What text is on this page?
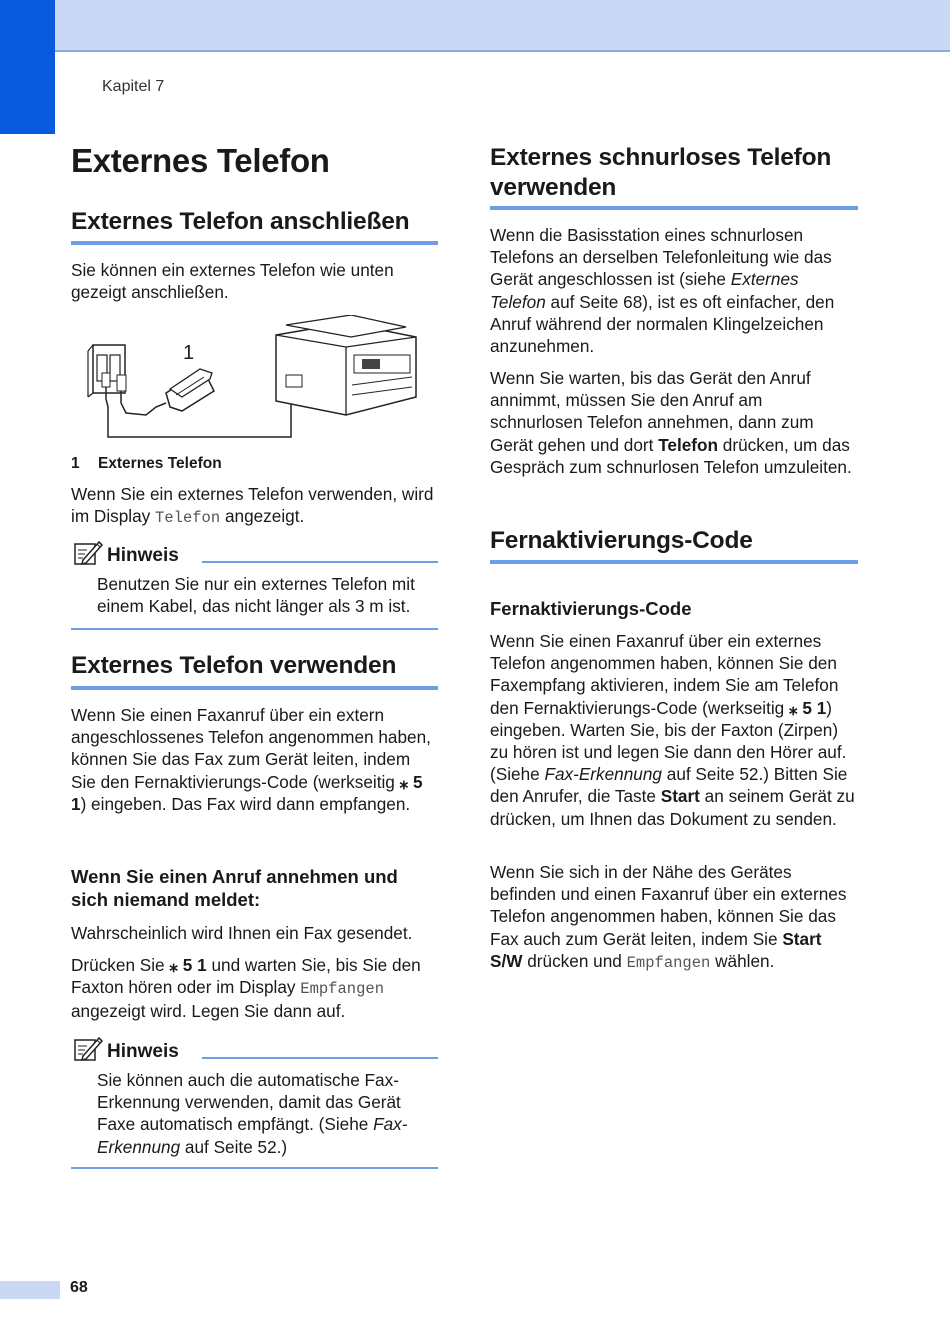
Kapitel 7
Externes Telefon
Externes Telefon anschließen

Sie können ein externes Telefon wie unten gezeigt anschließen.

1
1 Externes Telefon

Wenn Sie ein externes Telefon verwenden, wird im Display Telefon angezeigt.

Hinweis

Benutzen Sie nur ein externes Telefon mit einem Kabel, das nicht länger als 3 m ist.

Externes Telefon verwenden

Wenn Sie einen Faxanruf über ein extern angeschlossenes Telefon angenommen haben, können Sie das Fax zum Gerät leiten, indem Sie den Fernaktivierungs-Code (werkseitig ⁎ 5 1) eingeben. Das Fax wird dann empfangen.

Wenn Sie einen Anruf annehmen und sich niemand meldet:

Wahrscheinlich wird Ihnen ein Fax gesendet.

Drücken Sie ⁎ 5 1 und warten Sie, bis Sie den Faxton hören oder im Display Empfangen angezeigt wird. Legen Sie dann auf.

Hinweis

Sie können auch die automatische Fax-Erkennung verwenden, damit das Gerät Faxe automatisch empfängt. (Siehe Fax-Erkennung auf Seite 52.)

Externes schnurloses Telefon verwenden

Wenn die Basisstation eines schnurlosen Telefons an derselben Telefonleitung wie das Gerät angeschlossen ist (siehe Externes Telefon auf Seite 68), ist es oft einfacher, den Anruf während der normalen Klingelzeichen anzunehmen.

Wenn Sie warten, bis das Gerät den Anruf annimmt, müssen Sie den Anruf am schnurlosen Telefon annehmen, dann zum Gerät gehen und dort Telefon drücken, um das Gespräch zum schnurlosen Telefon umzuleiten.

Fernaktivierungs-Code
Fernaktivierungs-Code

Wenn Sie einen Faxanruf über ein externes Telefon angenommen haben, können Sie den Faxempfang aktivieren, indem Sie am Telefon den Fernaktivierungs-Code (werkseitig ⁎ 5 1) eingeben. Warten Sie, bis der Faxton (Zirpen) zu hören ist und legen Sie dann den Hörer auf. (Siehe Fax-Erkennung auf Seite 52.) Bitten Sie den Anrufer, die Taste Start an seinem Gerät zu drücken, um Ihnen das Dokument zu senden.

Wenn Sie sich in der Nähe des Gerätes befinden und einen Faxanruf über ein externes Telefon angenommen haben, können Sie das Fax auch zum Gerät leiten, indem Sie Start S/W drücken und Empfangen wählen.

68
